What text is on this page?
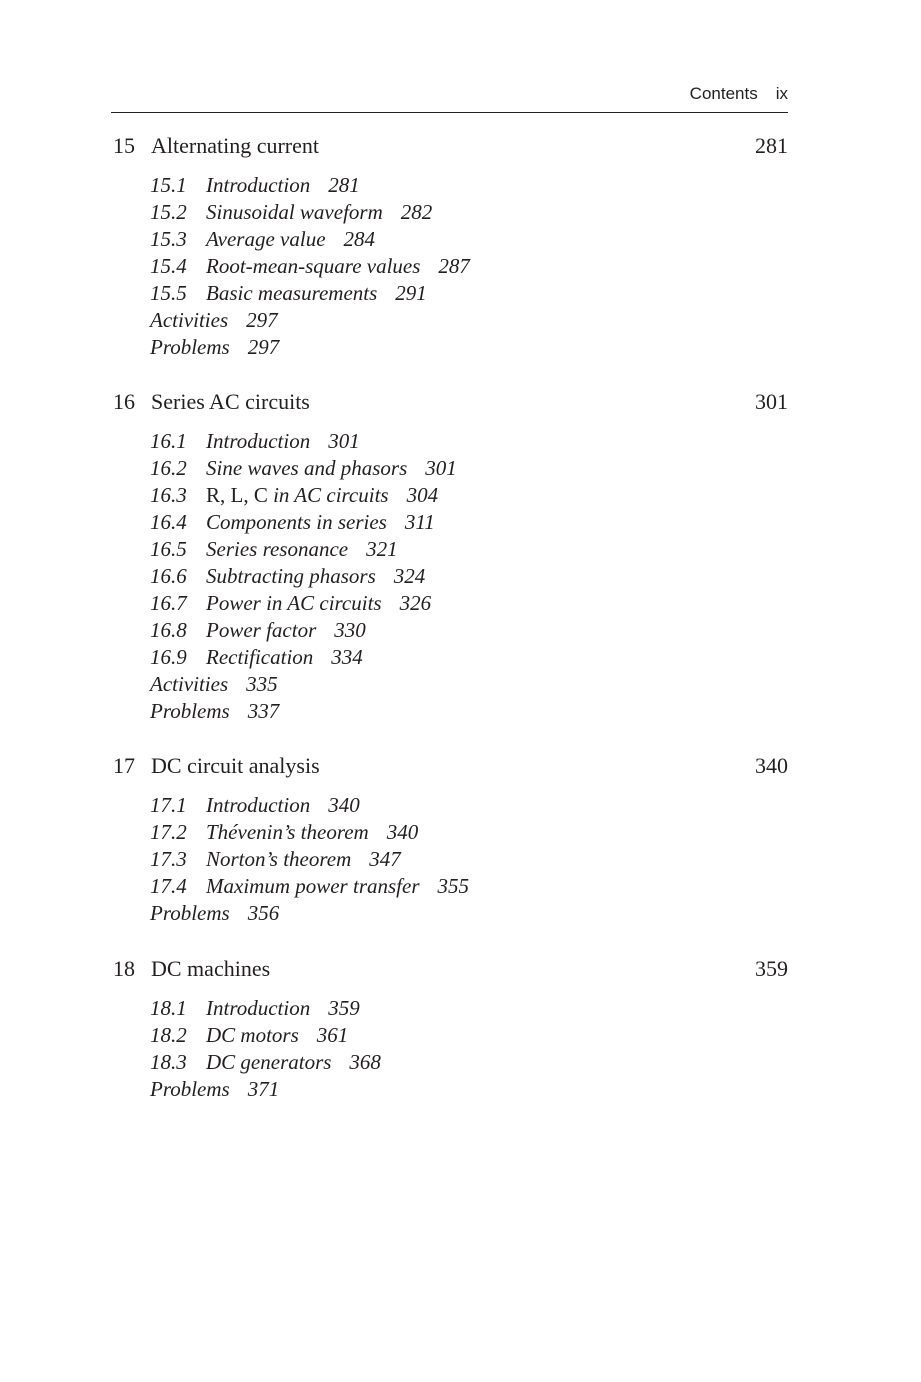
Contents ix
15 Alternating current	281
15.1 Introduction 281
15.2 Sinusoidal waveform 282
15.3 Average value 284
15.4 Root-mean-square values 287
15.5 Basic measurements 291
Activities 297
Problems 297
16 Series AC circuits	301
16.1 Introduction 301
16.2 Sine waves and phasors 301
16.3 R, L, C in AC circuits 304
16.4 Components in series 311
16.5 Series resonance 321
16.6 Subtracting phasors 324
16.7 Power in AC circuits 326
16.8 Power factor 330
16.9 Rectification 334
Activities 335
Problems 337
17 DC circuit analysis	340
17.1 Introduction 340
17.2 Thévenin’s theorem 340
17.3 Norton’s theorem 347
17.4 Maximum power transfer 355
Problems 356
18 DC machines	359
18.1 Introduction 359
18.2 DC motors 361
18.3 DC generators 368
Problems 371
